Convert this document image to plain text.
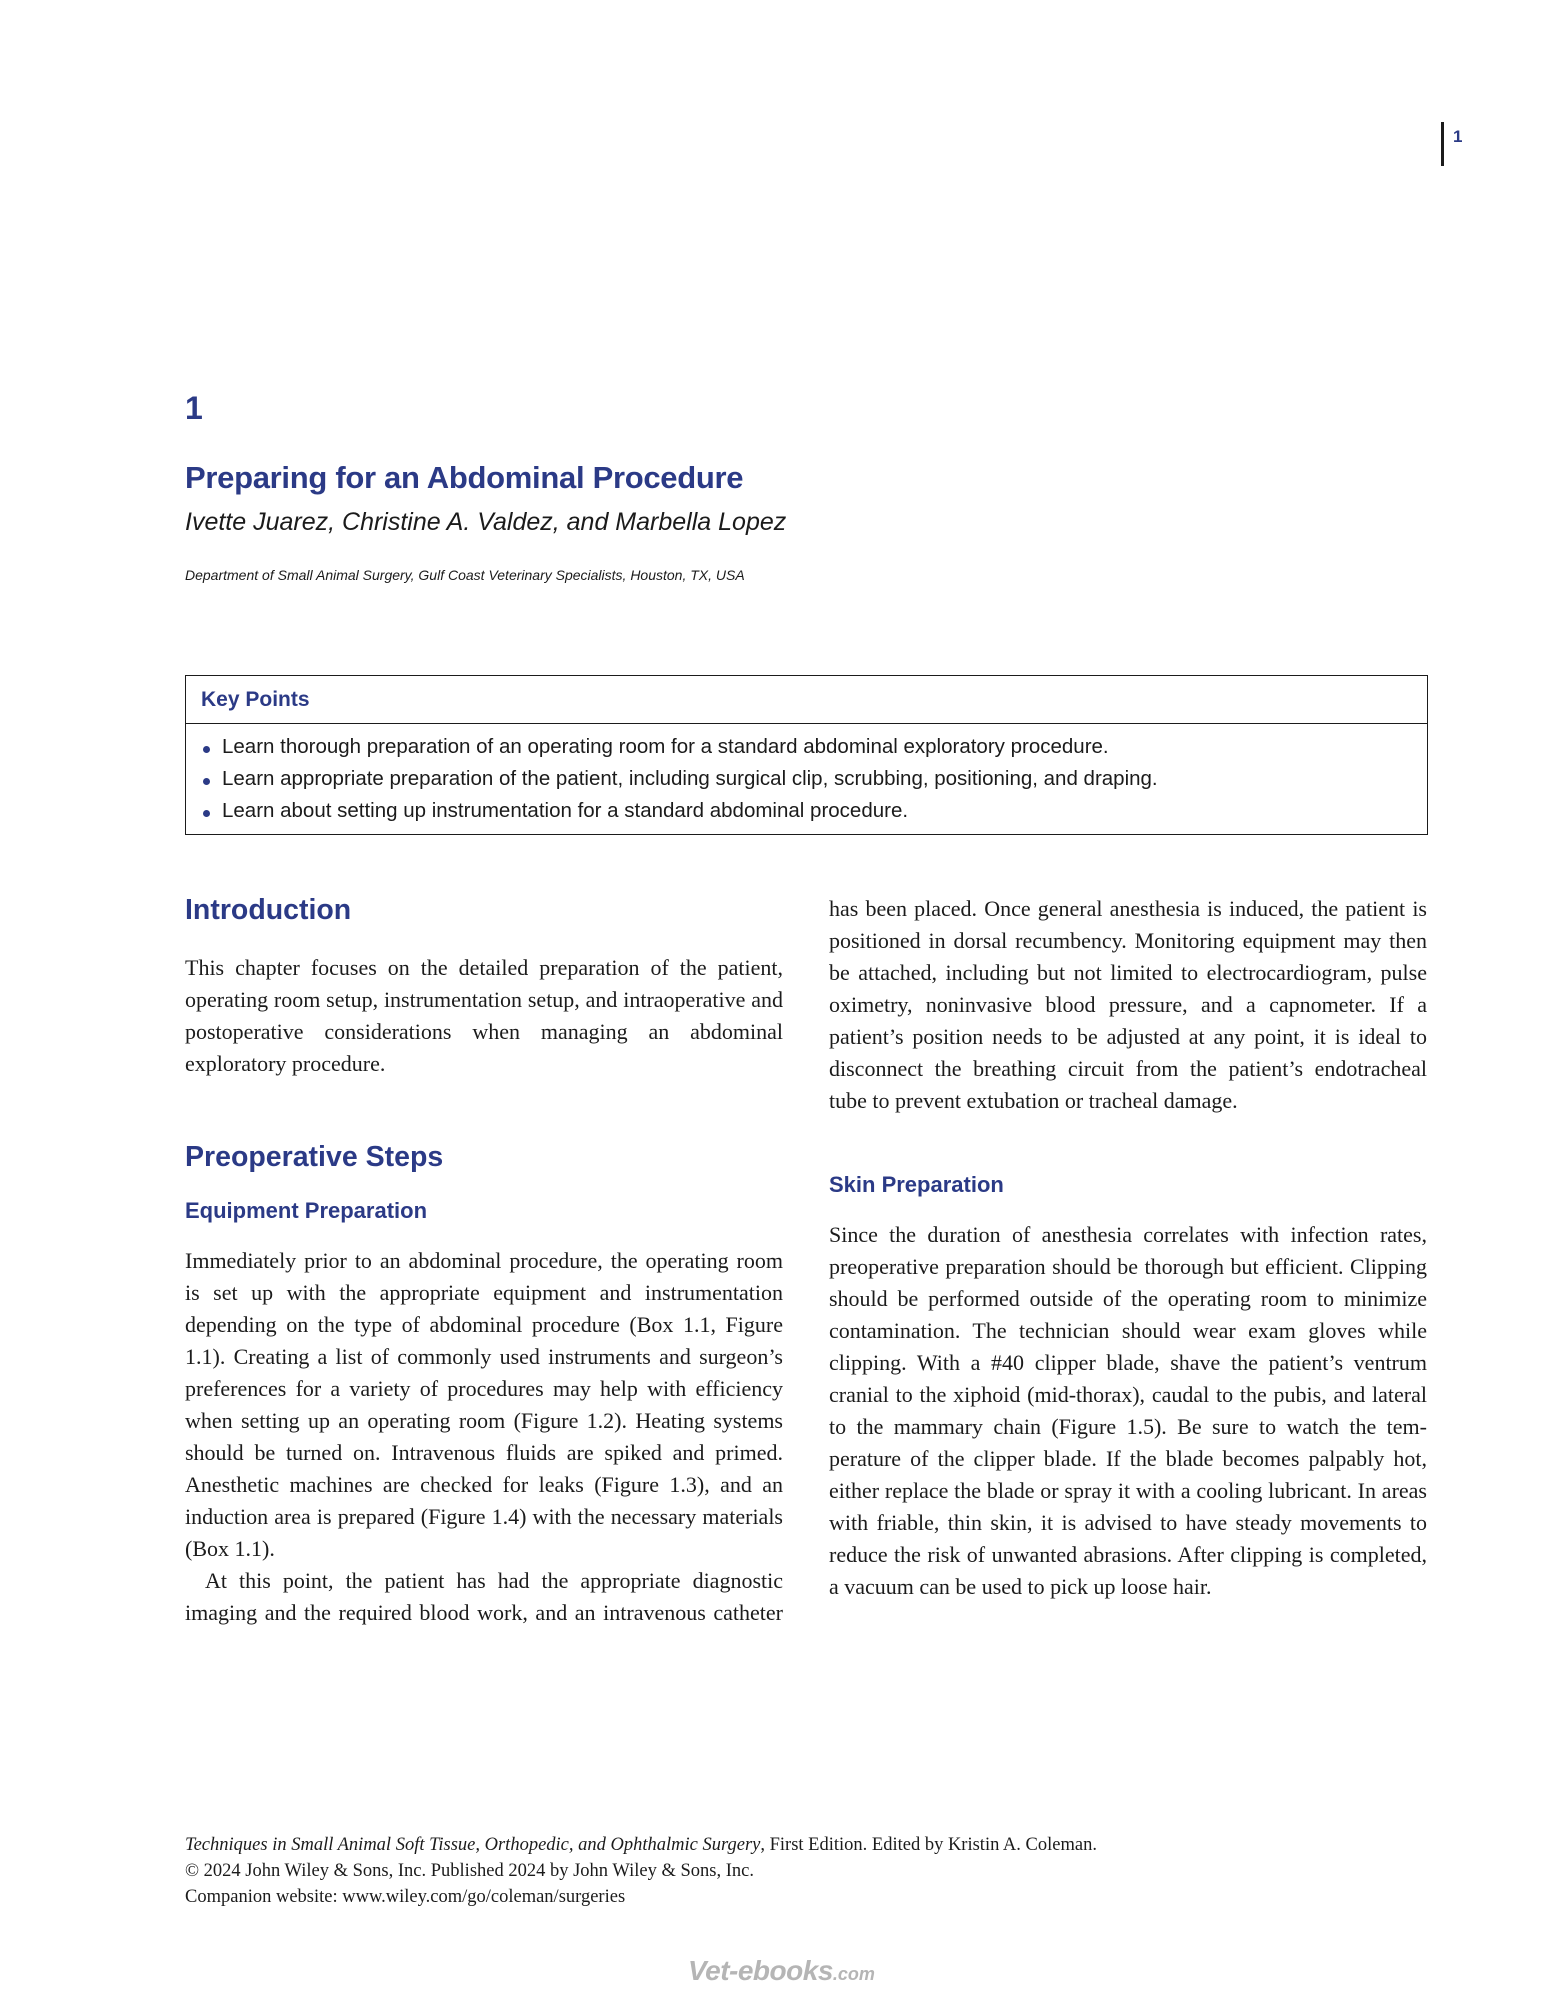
1
1
Preparing for an Abdominal Procedure
Ivette Juarez, Christine A. Valdez, and Marbella Lopez
Department of Small Animal Surgery, Gulf Coast Veterinary Specialists, Houston, TX, USA
Key Points
Learn thorough preparation of an operating room for a standard abdominal exploratory procedure.
Learn appropriate preparation of the patient, including surgical clip, scrubbing, positioning, and draping.
Learn about setting up instrumentation for a standard abdominal procedure.
Introduction

This chapter focuses on the detailed preparation of the patient, operating room setup, instrumentation setup, and intraoperative and postoperative considerations when managing an abdominal exploratory procedure.

Preoperative Steps
Equipment Preparation

Immediately prior to an abdominal procedure, the operating room is set up with the appropriate equipment and instrumentation depending on the type of abdominal procedure (Box 1.1, Figure 1.1). Creating a list of commonly used instruments and surgeon’s preferences for a variety of procedures may help with efficiency when setting up an operating room (Figure 1.2). Heating systems should be turned on. Intravenous fluids are spiked and primed. Anesthetic machines are checked for leaks (Figure 1.3), and an induction area is prepared (Figure 1.4) with the necessary materials (Box 1.1).

At this point, the patient has had the appropriate diagnostic imaging and the required blood work, and an intravenous catheter

has been placed. Once general anesthesia is induced, the patient is positioned in dorsal recumbency. Monitoring equipment may then be attached, including but not limited to electrocardiogram, pulse oximetry, noninvasive blood pressure, and a capnometer. If a patient’s position needs to be adjusted at any point, it is ideal to disconnect the breathing circuit from the patient’s endotracheal tube to prevent extubation or tracheal damage.

Skin Preparation

Since the duration of anesthesia correlates with infection rates, preoperative preparation should be thorough but efficient. Clipping should be performed outside of the operating room to minimize contamination. The technician should wear exam gloves while clipping. With a #40 clipper blade, shave the patient’s ventrum cranial to the xiphoid (mid-thorax), caudal to the pubis, and lateral to the mammary chain (Figure 1.5). Be sure to watch the temperature of the clipper blade. If the blade becomes palpably hot, either replace the blade or spray it with a cooling lubricant. In areas with friable, thin skin, it is advised to have steady movements to reduce the risk of unwanted abrasions. After clipping is completed, a vacuum can be used to pick up loose hair.

Techniques in Small Animal Soft Tissue, Orthopedic, and Ophthalmic Surgery, First Edition. Edited by Kristin A. Coleman.
© 2024 John Wiley & Sons, Inc. Published 2024 by John Wiley & Sons, Inc.
Companion website: www.wiley.com/go/coleman/surgeries
Vet-ebooks.com
